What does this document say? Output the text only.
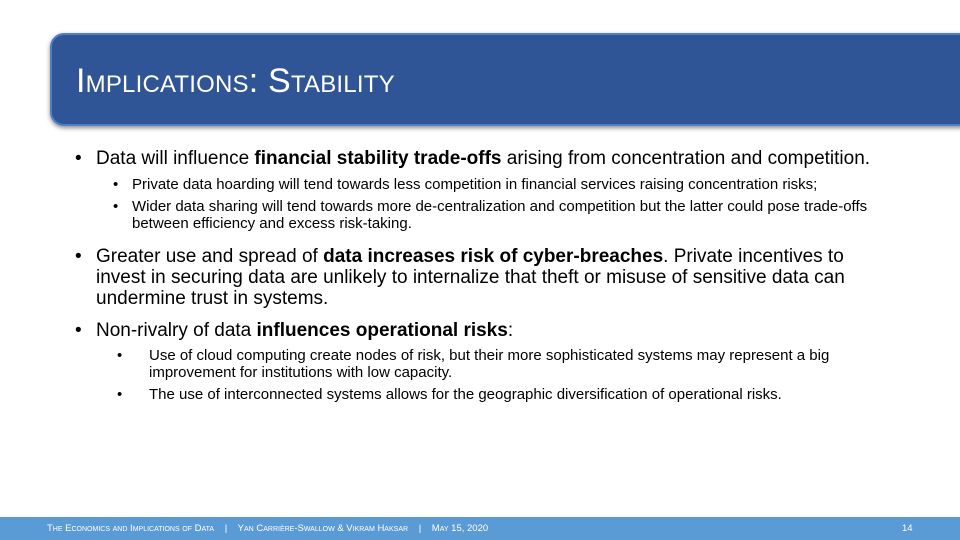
Implications: Stability
• Data will influence financial stability trade-offs arising from concentration and competition.
• Private data hoarding will tend towards less competition in financial services raising concentration risks;
• Wider data sharing will tend towards more de-centralization and competition but the latter could pose trade-offs between efficiency and excess risk-taking.
• Greater use and spread of data increases risk of cyber-breaches. Private incentives to invest in securing data are unlikely to internalize that theft or misuse of sensitive data can undermine trust in systems.
• Non-rivalry of data influences operational risks:
• Use of cloud computing create nodes of risk, but their more sophisticated systems may represent a big improvement for institutions with low capacity.
• The use of interconnected systems allows for the geographic diversification of operational risks.
The Economics and Implications of Data | Yan Carrière-Swallow & Vikram Haksar | May 15, 2020	14
